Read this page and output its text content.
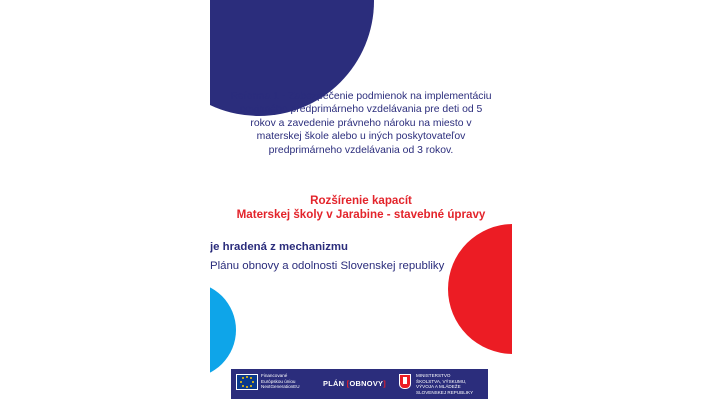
Reforma 1 - Zabezpečenie podmienok na implementáciu povinného predprimárneho vzdelávania pre deti od 5 rokov a zavedenie právneho nároku na miesto v materskej škole alebo u iných poskytovateľov predprimárneho vzdelávania od 3 rokov.
Rozšírenie kapacít
Materskej školy v Jarabine - stavebné úpravy
je hradená z mechanizmu
Plánu obnovy a odolnosti Slovenskej republiky
Financované
Európskou úniou
NextGenerationEU	PLÁN [OBNOVY]
MINISTERSTVO
ŠKOLSTVA, VÝSKUMU,
VÝVOJA A MLÁDEŽE
SLOVENSKEJ REPUBLIKY
